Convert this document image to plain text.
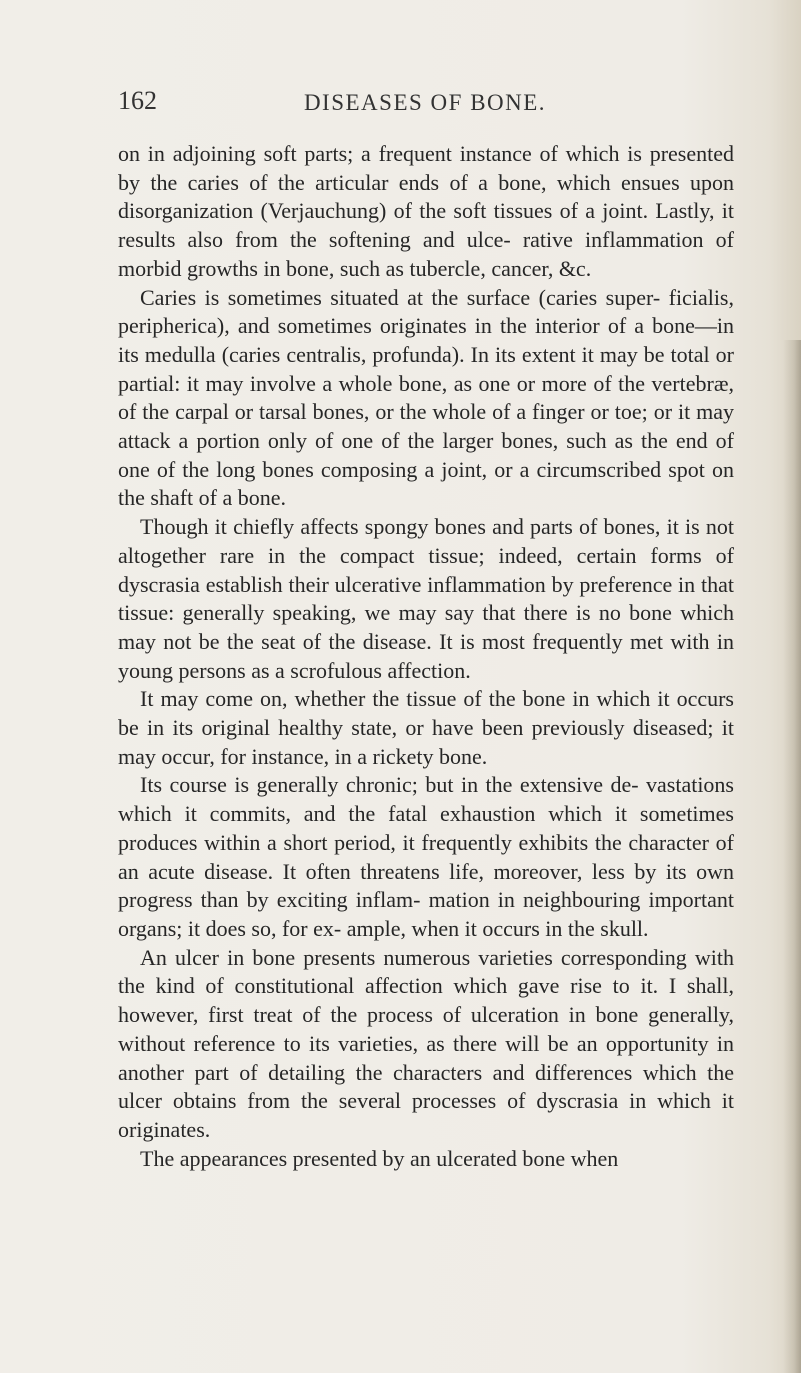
162	DISEASES OF BONE.

on in adjoining soft parts; a frequent instance of which is presented by the caries of the articular ends of a bone, which ensues upon disorganization (Verjauchung) of the soft tissues of a joint. Lastly, it results also from the softening and ulce- rative inflammation of morbid growths in bone, such as tubercle, cancer, &c.

Caries is sometimes situated at the surface (caries super- ficialis, peripherica), and sometimes originates in the interior of a bone—in its medulla (caries centralis, profunda). In its extent it may be total or partial: it may involve a whole bone, as one or more of the vertebræ, of the carpal or tarsal bones, or the whole of a finger or toe; or it may attack a portion only of one of the larger bones, such as the end of one of the long bones composing a joint, or a circumscribed spot on the shaft of a bone.

Though it chiefly affects spongy bones and parts of bones, it is not altogether rare in the compact tissue; indeed, certain forms of dyscrasia establish their ulcerative inflammation by preference in that tissue: generally speaking, we may say that there is no bone which may not be the seat of the disease. It is most frequently met with in young persons as a scrofulous affection.

It may come on, whether the tissue of the bone in which it occurs be in its original healthy state, or have been previously diseased; it may occur, for instance, in a rickety bone.

Its course is generally chronic; but in the extensive de- vastations which it commits, and the fatal exhaustion which it sometimes produces within a short period, it frequently exhibits the character of an acute disease. It often threatens life, moreover, less by its own progress than by exciting inflam- mation in neighbouring important organs; it does so, for ex- ample, when it occurs in the skull.

An ulcer in bone presents numerous varieties corresponding with the kind of constitutional affection which gave rise to it. I shall, however, first treat of the process of ulceration in bone generally, without reference to its varieties, as there will be an opportunity in another part of detailing the characters and differences which the ulcer obtains from the several processes of dyscrasia in which it originates.

The appearances presented by an ulcerated bone when
